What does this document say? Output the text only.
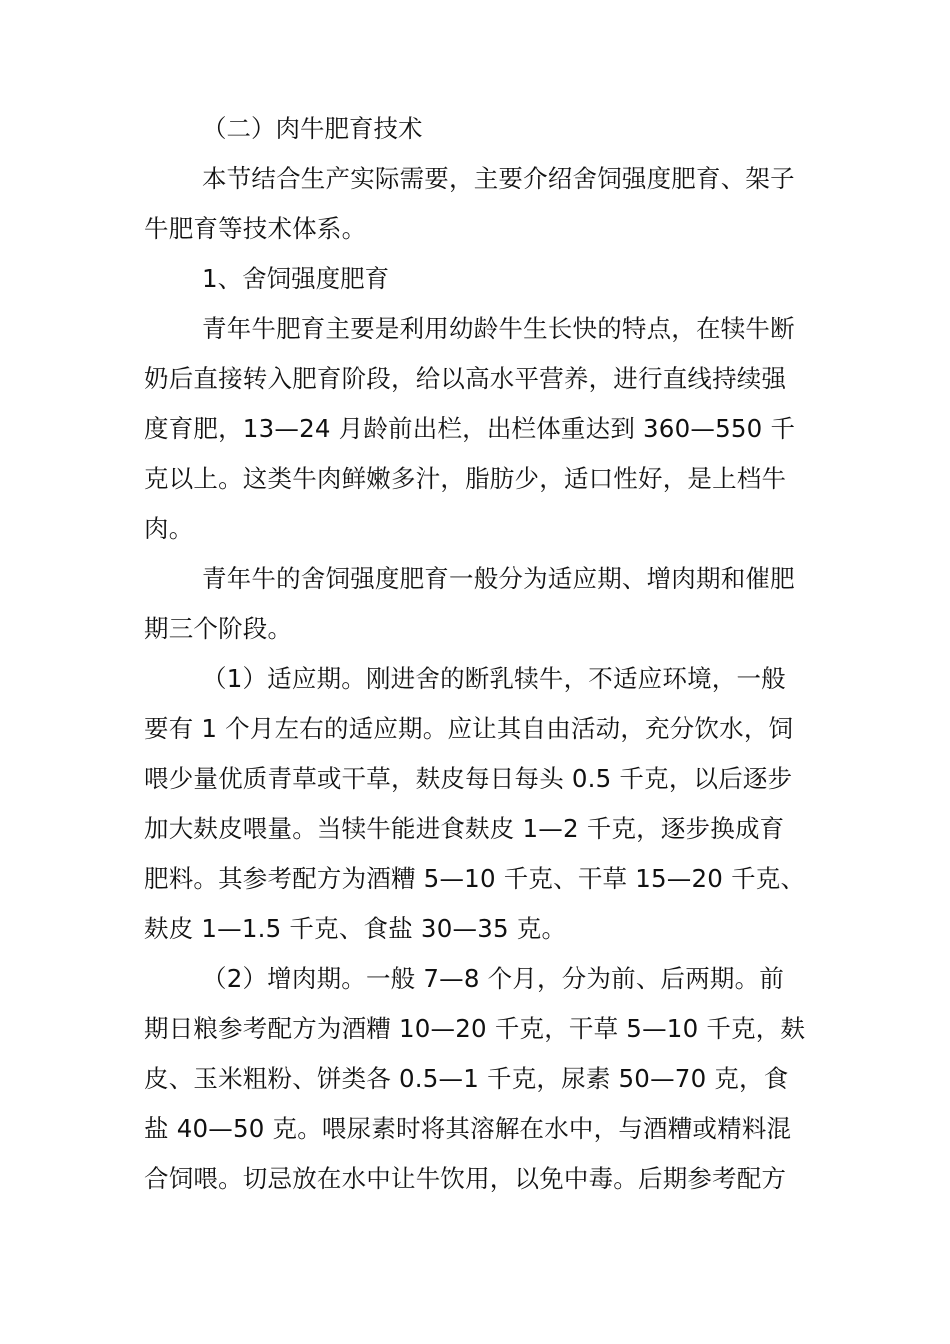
（二）肉牛肥育技术

本节结合生产实际需要，主要介绍舍饲强度肥育、架子

牛肥育等技术体系。

1、舍饲强度肥育

青年牛肥育主要是利用幼龄牛生长快的特点，在犊牛断

奶后直接转入肥育阶段，给以高水平营养，进行直线持续强

度育肥，13—24 月龄前出栏，出栏体重达到 360—550 千

克以上。这类牛肉鲜嫩多汁，脂肪少，适口性好，是上档牛

肉。

青年牛的舍饲强度肥育一般分为适应期、增肉期和催肥

期三个阶段。

（1）适应期。刚进舍的断乳犊牛，不适应环境，一般

要有 1 个月左右的适应期。应让其自由活动，充分饮水，饲

喂少量优质青草或干草，麸皮每日每头 0.5 千克，以后逐步

加大麸皮喂量。当犊牛能进食麸皮 1—2 千克，逐步换成育

肥料。其参考配方为酒糟 5—10 千克、干草 15—20 千克、

麸皮 1—1.5 千克、食盐 30—35 克。

（2）增肉期。一般 7—8 个月，分为前、后两期。前

期日粮参考配方为酒糟 10—20 千克，干草 5—10 千克，麸

皮、玉米粗粉、饼类各 0.5—1 千克，尿素 50—70 克，食

盐 40—50 克。喂尿素时将其溶解在水中，与酒糟或精料混

合饲喂。切忌放在水中让牛饮用，以免中毒。后期参考配方
